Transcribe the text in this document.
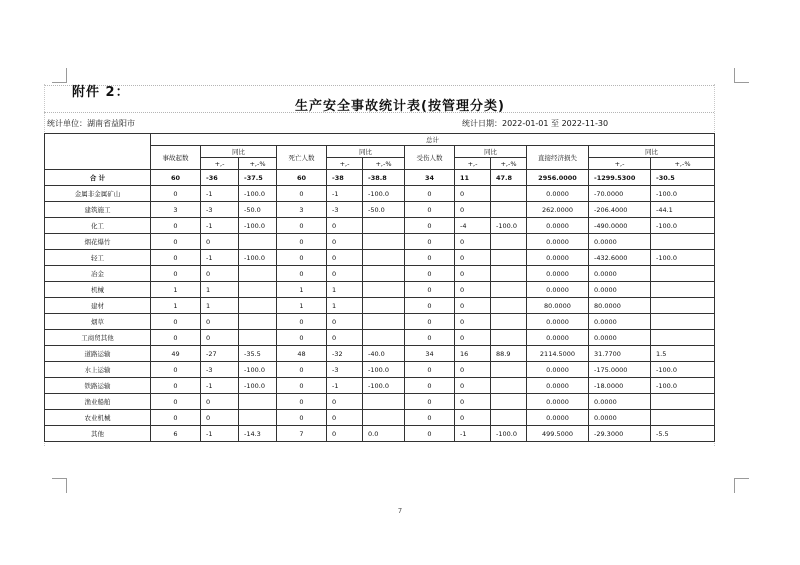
附件 2：
生产安全事故统计表(按管理分类)
统计单位：湖南省益阳市	统计日期：2022-01-01 至 2022-11-30
	总计											
	事故起数	同比		死亡人数	同比		受伤人数	同比		直接经济损失	同比	
		+,-	+,-%		+,-	+,-%		+,-	+,-%		+,-	+,-%
合 计	60	-36	-37.5	60	-38	-38.8	34	11	47.8	2956.0000	-1299.5300	-30.5
金属非金属矿山	0	-1	-100.0	0	-1	-100.0	0	0		0.0000	-70.0000	-100.0
建筑施工	3	-3	-50.0	3	-3	-50.0	0	0		262.0000	-206.4000	-44.1
化工	0	-1	-100.0	0	0		0	-4	-100.0	0.0000	-490.0000	-100.0
烟花爆竹	0	0		0	0		0	0		0.0000	0.0000	
轻工	0	-1	-100.0	0	0		0	0		0.0000	-432.6000	-100.0
冶金	0	0		0	0		0	0		0.0000	0.0000	
机械	1	1		1	1		0	0		0.0000	0.0000	
建材	1	1		1	1		0	0		80.0000	80.0000	
烟草	0	0		0	0		0	0		0.0000	0.0000	
工商贸其他	0	0		0	0		0	0		0.0000	0.0000	
道路运输	49	-27	-35.5	48	-32	-40.0	34	16	88.9	2114.5000	31.7700	1.5
水上运输	0	-3	-100.0	0	-3	-100.0	0	0		0.0000	-175.0000	-100.0
铁路运输	0	-1	-100.0	0	-1	-100.0	0	0		0.0000	-18.0000	-100.0
渔业船舶	0	0		0	0		0	0		0.0000	0.0000	
农业机械	0	0		0	0		0	0		0.0000	0.0000	
其他	6	-1	-14.3	7	0	0.0	0	-1	-100.0	499.5000	-29.3000	-5.5
7
